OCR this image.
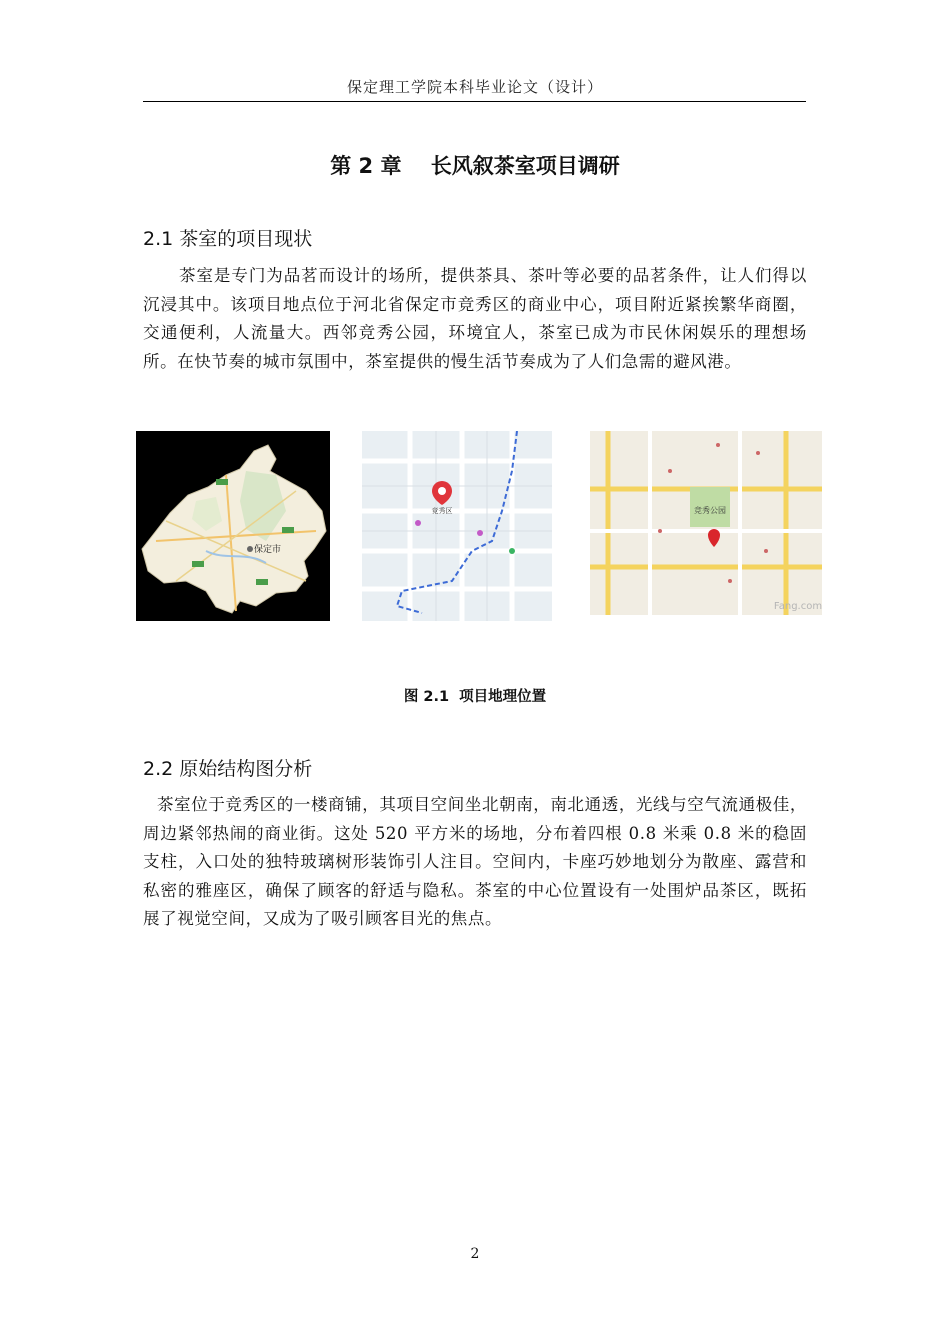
保定理工学院本科毕业论文（设计）
第 2 章    长风叙茶室项目调研
2.1 茶室的项目现状
茶室是专门为品茗而设计的场所，提供茶具、茶叶等必要的品茗条件，让人们得以沉浸其中。该项目地点位于河北省保定市竞秀区的商业中心，项目附近紧挨繁华商圈，交通便利，人流量大。西邻竞秀公园，环境宜人，茶室已成为市民休闲娱乐的理想场所。在快节奏的城市氛围中，茶室提供的慢生活节奏成为了人们急需的避风港。
保定市
竞秀区	竞秀公园
Fang.com
图 2.1  项目地理位置
2.2 原始结构图分析
茶室位于竞秀区的一楼商铺，其项目空间坐北朝南，南北通透，光线与空气流通极佳，周边紧邻热闹的商业街。这处 520 平方米的场地，分布着四根 0.8 米乘 0.8 米的稳固支柱，入口处的独特玻璃树形装饰引人注目。空间内，卡座巧妙地划分为散座、露营和私密的雅座区，确保了顾客的舒适与隐私。茶室的中心位置设有一处围炉品茶区，既拓展了视觉空间，又成为了吸引顾客目光的焦点。
2
